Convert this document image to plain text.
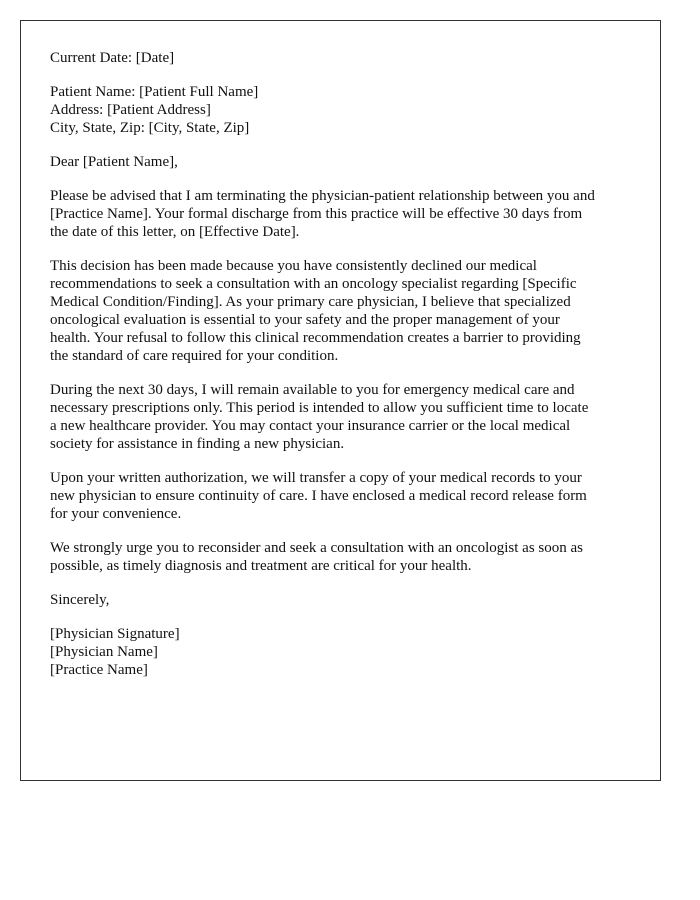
Current Date: [Date]
Patient Name: [Patient Full Name]
Address: [Patient Address]
City, State, Zip: [City, State, Zip]
Dear [Patient Name],
Please be advised that I am terminating the physician-patient relationship between you and
[Practice Name]. Your formal discharge from this practice will be effective 30 days from
the date of this letter, on [Effective Date].
This decision has been made because you have consistently declined our medical
recommendations to seek a consultation with an oncology specialist regarding [Specific
Medical Condition/Finding]. As your primary care physician, I believe that specialized
oncological evaluation is essential to your safety and the proper management of your
health. Your refusal to follow this clinical recommendation creates a barrier to providing
the standard of care required for your condition.
During the next 30 days, I will remain available to you for emergency medical care and
necessary prescriptions only. This period is intended to allow you sufficient time to locate
a new healthcare provider. You may contact your insurance carrier or the local medical
society for assistance in finding a new physician.
Upon your written authorization, we will transfer a copy of your medical records to your
new physician to ensure continuity of care. I have enclosed a medical record release form
for your convenience.
We strongly urge you to reconsider and seek a consultation with an oncologist as soon as
possible, as timely diagnosis and treatment are critical for your health.
Sincerely,
[Physician Signature]
[Physician Name]
[Practice Name]
